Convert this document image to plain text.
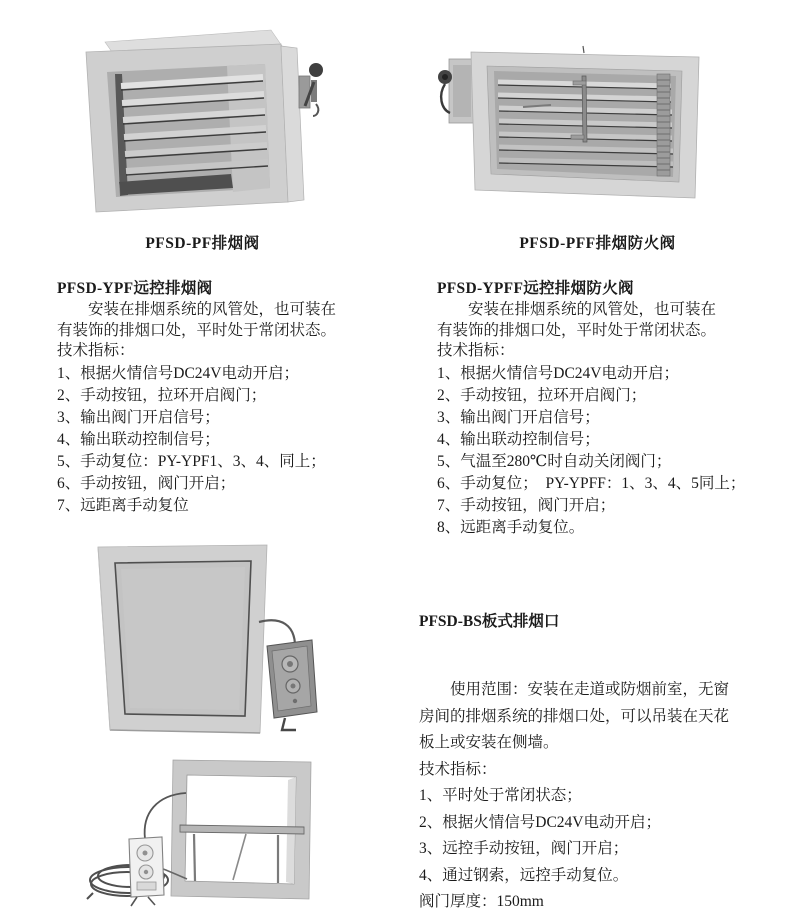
PFSD-PF排烟阀	PFSD-PFF排烟防火阀
PFSD-YPF远控排烟阀
安装在排烟系统的风管处，也可装在
有装饰的排烟口处，平时处于常闭状态。
技术指标：
1、根据火情信号DC24V电动开启；
2、手动按钮，拉环开启阀门；
3、输出阀门开启信号；
4、输出联动控制信号；
5、手动复位：PY-YPF1、3、4、同上；
6、手动按钮，阀门开启；
7、远距离手动复位
PFSD-YPFF远控排烟防火阀
安装在排烟系统的风管处，也可装在
有装饰的排烟口处，平时处于常闭状态。
技术指标：
1、根据火情信号DC24V电动开启；
2、手动按钮，拉环开启阀门；
3、输出阀门开启信号；
4、输出联动控制信号；
5、气温至280℃时自动关闭阀门；
6、手动复位；  PY-YPFF：1、3、4、5同上；
7、手动按钮，阀门开启；
8、远距离手动复位。
PFSD-BS板式排烟口
使用范围：安装在走道或防烟前室，无窗
房间的排烟系统的排烟口处，可以吊装在天花
板上或安装在侧墙。
技术指标：
1、平时处于常闭状态；
2、根据火情信号DC24V电动开启；
3、远控手动按钮，阀门开启；
4、通过钢索，远控手动复位。
阀门厚度：150mm
